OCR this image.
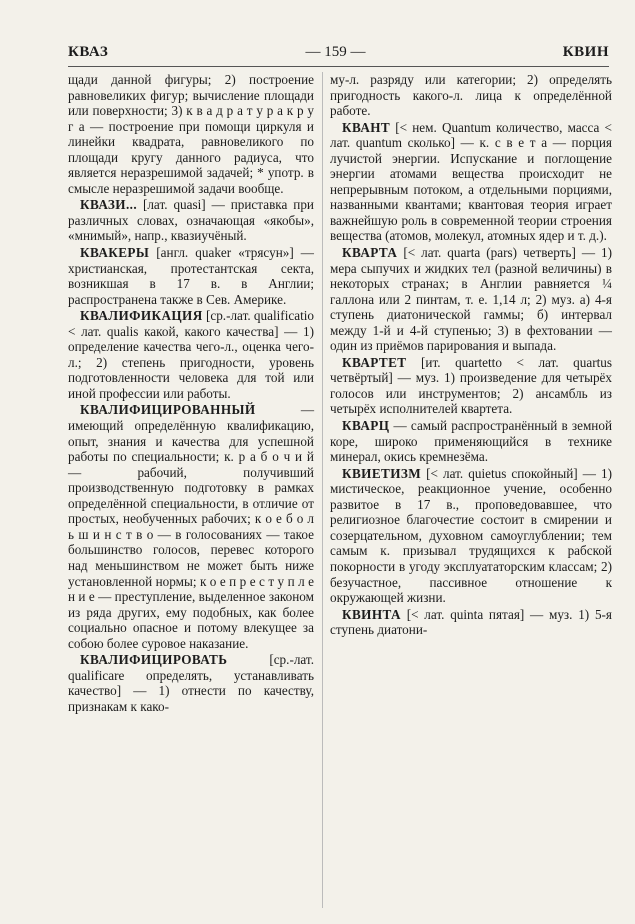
КВАЗ	— 159 —	КВИН

щади данной фигуры; 2) построение равновеликих фигур; вычисление площади или поверхности; 3) к в а д р а т у р а к р у г а — построение при помощи циркуля и линейки квадрата, равновеликого по площади кругу данного радиуса, что является неразрешимой задачей; * употр. в смысле неразрешимой задачи вообще.

КВАЗИ... [лат. quasi] — приставка при различных словах, означающая «якобы», «мнимый», напр., квазиучёный.

КВАКЕРЫ [англ. quaker «трясун»] — христианская, протестантская секта, возникшая в 17 в. в Англии; распространена также в Сев. Америке.

КВАЛИФИКАЦИЯ [ср.-лат. qualificatio < лат. qualis какой, какого качества] — 1) определение качества чего-л., оценка чего-л.; 2) степень пригодности, уровень подготовленности человека для той или иной профессии или работы.

КВАЛИФИЦИРОВАННЫЙ — имеющий определённую квалификацию, опыт, знания и качества для успешной работы по специальности; к. р а б о ч и й — рабочий, получивший производственную подготовку в рамках определённой специальности, в отличие от простых, необученных рабочих; к о е б о л ь ш и н с т в о — в голосованиях — такое большинство голосов, перевес которого над меньшинством не может быть ниже установленной нормы; к о е п р е с т у п л е н и е — преступление, выделенное законом из ряда других, ему подобных, как более социально опасное и потому влекущее за собою более суровое наказание.

КВАЛИФИЦИРОВАТЬ [ср.-лат. qualificare определять, устанавливать качество] — 1) отнести по качеству, признакам к како-

му-л. разряду или категории; 2) определять пригодность какого-л. лица к определённой работе.

КВАНТ [< нем. Quantum количество, масса < лат. quantum сколько] — к. с в е т а — порция лучистой энергии. Испускание и поглощение энергии атомами вещества происходит не непрерывным потоком, а отдельными порциями, названными квантами; квантовая теория играет важнейшую роль в современной теории строения вещества (атомов, молекул, атомных ядер и т. д.).

КВАРТА [< лат. quarta (pars) четверть] — 1) мера сыпучих и жидких тел (разной величины) в некоторых странах; в Англии равняется ¼ галлона или 2 пинтам, т. е. 1,14 л; 2) муз. а) 4-я ступень диатонической гаммы; б) интервал между 1-й и 4-й ступенью; 3) в фехтовании — один из приёмов парирования и выпада.

КВАРТЕТ [ит. quartetto < лат. quartus четвёртый] — муз. 1) произведение для четырёх голосов или инструментов; 2) ансамбль из четырёх исполнителей квартета.

КВАРЦ — самый распространённый в земной коре, широко применяющийся в технике минерал, окись кремнезёма.

КВИЕТИЗМ [< лат. quietus спокойный] — 1) мистическое, реакционное учение, особенно развитое в 17 в., проповедовавшее, что религиозное благочестие состоит в смирении и созерцательном, духовном самоуглублении; тем самым к. призывал трудящихся к рабской покорности в угоду эксплуататорским классам; 2) безучастное, пассивное отношение к окружающей жизни.

КВИНТА [< лат. quinta пятая] — муз. 1) 5-я ступень диатони-
